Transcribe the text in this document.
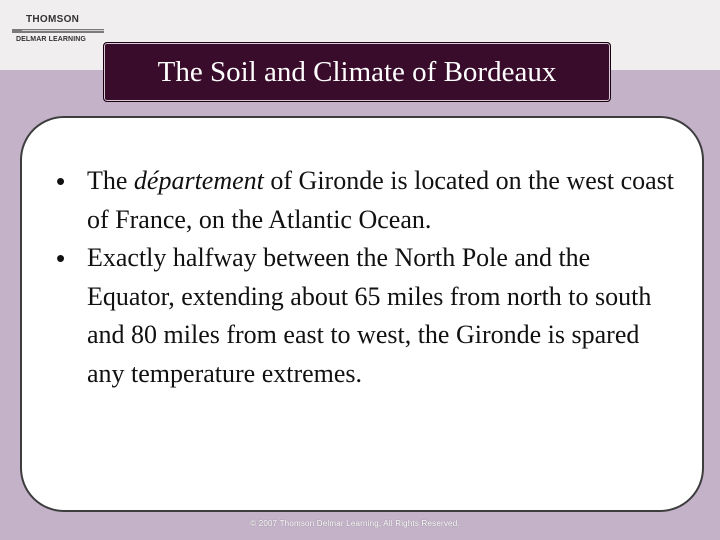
THOMSON
DELMAR LEARNING
The Soil and Climate of Bordeaux
• The département of Gironde is located on the west coast of France, on the Atlantic Ocean.
• Exactly halfway between the North Pole and the Equator, extending about 65 miles from north to south and 80 miles from east to west, the Gironde is spared any temperature extremes.
© 2007 Thomson Delmar Learning, All Rights Reserved.
